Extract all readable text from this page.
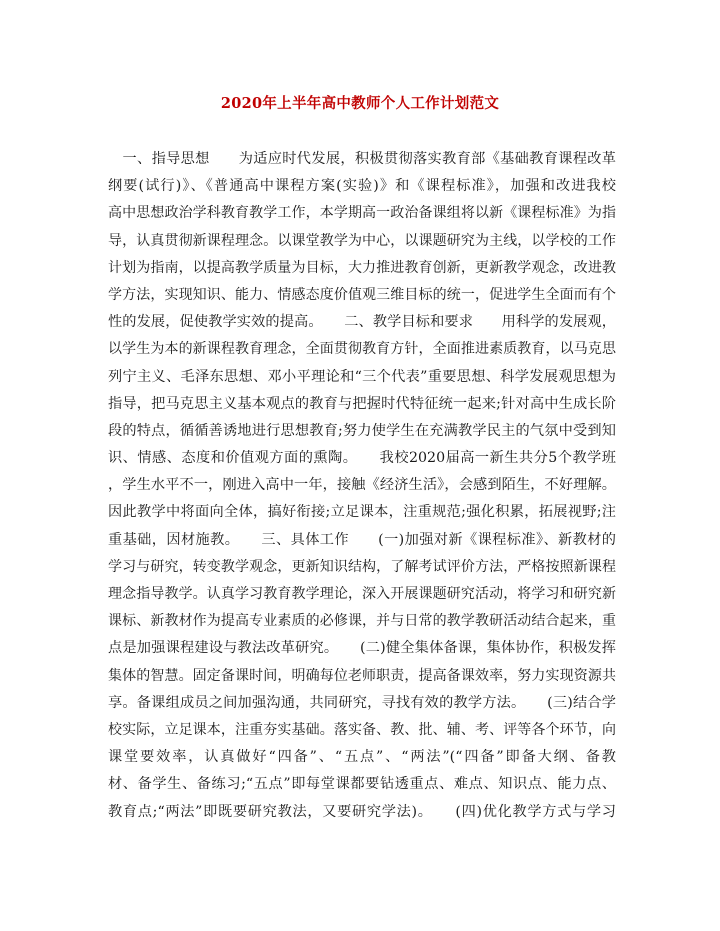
2020年上半年高中教师个人工作计划范文
　一、指导思想　　为适应时代发展，积极贯彻落实教育部《基础教育课程改革
纲要(试行)》、《普通高中课程方案(实验)》和《课程标准》，加强和改进我校
高中思想政治学科教育教学工作，本学期高一政治备课组将以新《课程标准》为指
导，认真贯彻新课程理念。以课堂教学为中心，以课题研究为主线，以学校的工作
计划为指南，以提高教学质量为目标，大力推进教育创新，更新教学观念，改进教
学方法，实现知识、能力、情感态度价值观三维目标的统一，促进学生全面而有个
性的发展，促使教学实效的提高。　　二、教学目标和要求　　用科学的发展观，
以学生为本的新课程教育理念，全面贯彻教育方针，全面推进素质教育，以马克思
列宁主义、毛泽东思想、邓小平理论和“三个代表”重要思想、科学发展观思想为
指导，把马克思主义基本观点的教育与把握时代特征统一起来;针对高中生成长阶
段的特点，循循善诱地进行思想教育;努力使学生在充满教学民主的气氛中受到知
识、情感、态度和价值观方面的熏陶。　　我校2020届高一新生共分5个教学班
，学生水平不一，刚进入高中一年，接触《经济生活》，会感到陌生，不好理解。
因此教学中将面向全体，搞好衔接;立足课本，注重规范;强化积累，拓展视野;注
重基础，因材施教。　　三、具体工作　　(一)加强对新《课程标准》、新教材的
学习与研究，转变教学观念，更新知识结构，了解考试评价方法，严格按照新课程
理念指导教学。认真学习教育教学理论，深入开展课题研究活动，将学习和研究新
课标、新教材作为提高专业素质的必修课，并与日常的教学教研活动结合起来，重
点是加强课程建设与教法改革研究。　　(二)健全集体备课，集体协作，积极发挥
集体的智慧。固定备课时间，明确每位老师职责，提高备课效率，努力实现资源共
享。备课组成员之间加强沟通，共同研究，寻找有效的教学方法。　　(三)结合学
校实际，立足课本，注重夯实基础。落实备、教、批、辅、考、评等各个环节，向
课堂要效率，认真做好“四备”、“五点”、“两法”(“四备”即备大纲、备教
材、备学生、备练习;“五点”即每堂课都要钻透重点、难点、知识点、能力点、
教育点;“两法”即既要研究教法，又要研究学法)。　　(四)优化教学方式与学习
